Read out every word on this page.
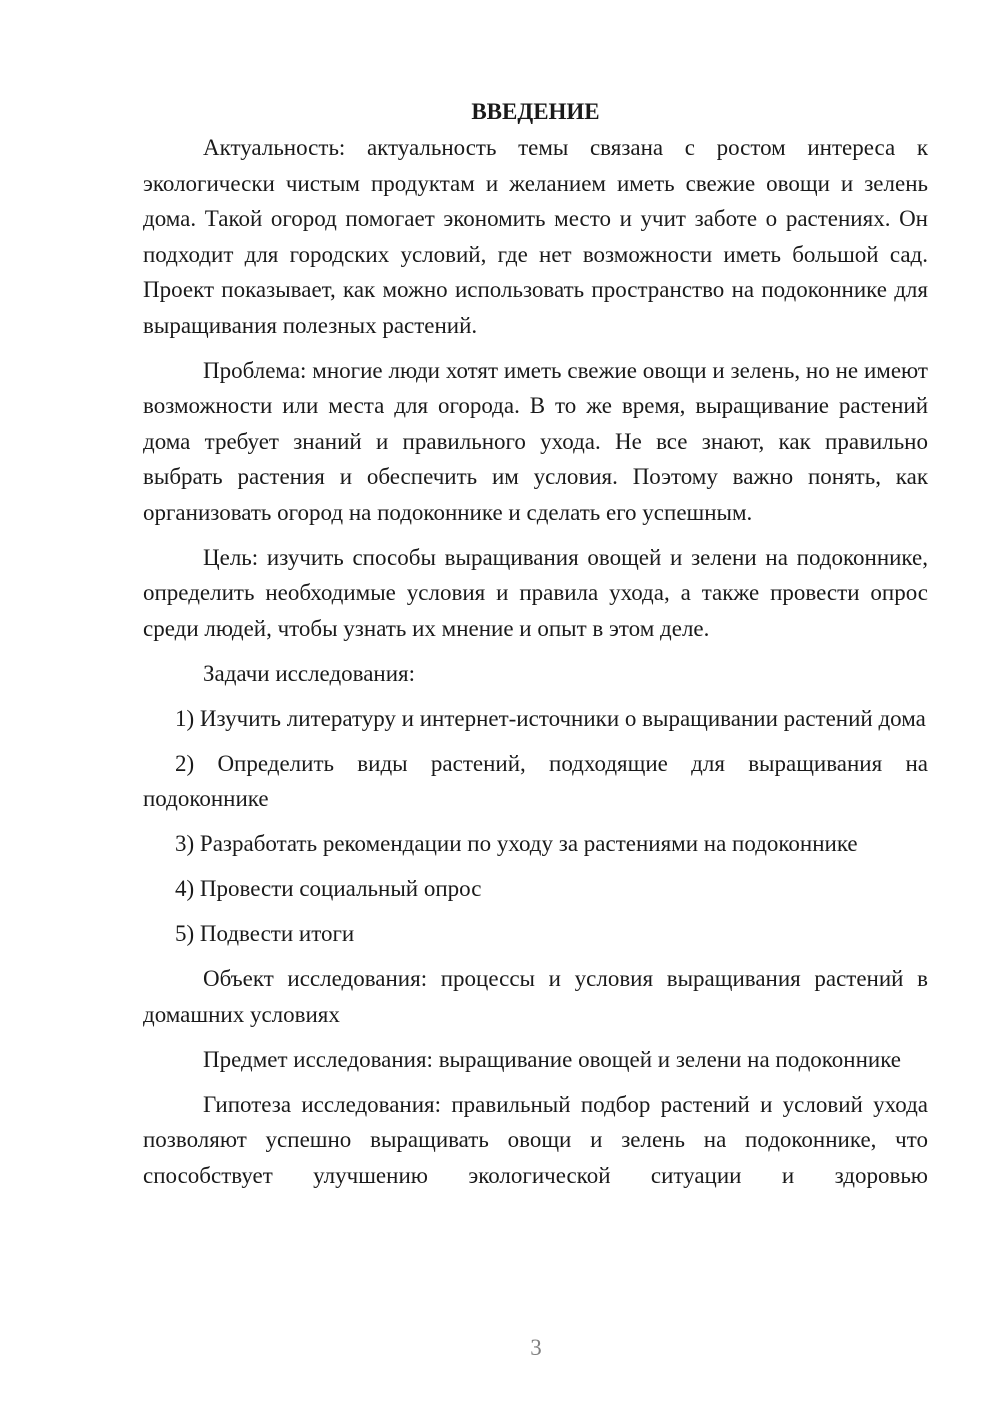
ВВЕДЕНИЕ

Актуальность: актуальность темы связана с ростом интереса к экологически чистым продуктам и желанием иметь свежие овощи и зелень дома. Такой огород помогает экономить место и учит заботе о растениях. Он подходит для городских условий, где нет возможности иметь большой сад. Проект показывает, как можно использовать пространство на подоконнике для выращивания полезных растений.

Проблема: многие люди хотят иметь свежие овощи и зелень, но не имеют возможности или места для огорода. В то же время, выращивание растений дома требует знаний и правильного ухода. Не все знают, как правильно выбрать растения и обеспечить им условия. Поэтому важно понять, как организовать огород на подоконнике и сделать его успешным.

Цель: изучить способы выращивания овощей и зелени на подоконнике, определить необходимые условия и правила ухода, а также провести опрос среди людей, чтобы узнать их мнение и опыт в этом деле.

Задачи исследования:

1) Изучить литературу и интернет-источники о выращивании растений дома

2) Определить виды растений, подходящие для выращивания на подоконнике

3) Разработать рекомендации по уходу за растениями на подоконнике

4) Провести социальный опрос

5) Подвести итоги

Объект исследования: процессы и условия выращивания растений в домашних условиях

Предмет исследования: выращивание овощей и зелени на подоконнике

Гипотеза исследования: правильный подбор растений и условий ухода позволяют успешно выращивать овощи и зелень на подоконнике, что способствует улучшению экологической ситуации и здоровью

3
